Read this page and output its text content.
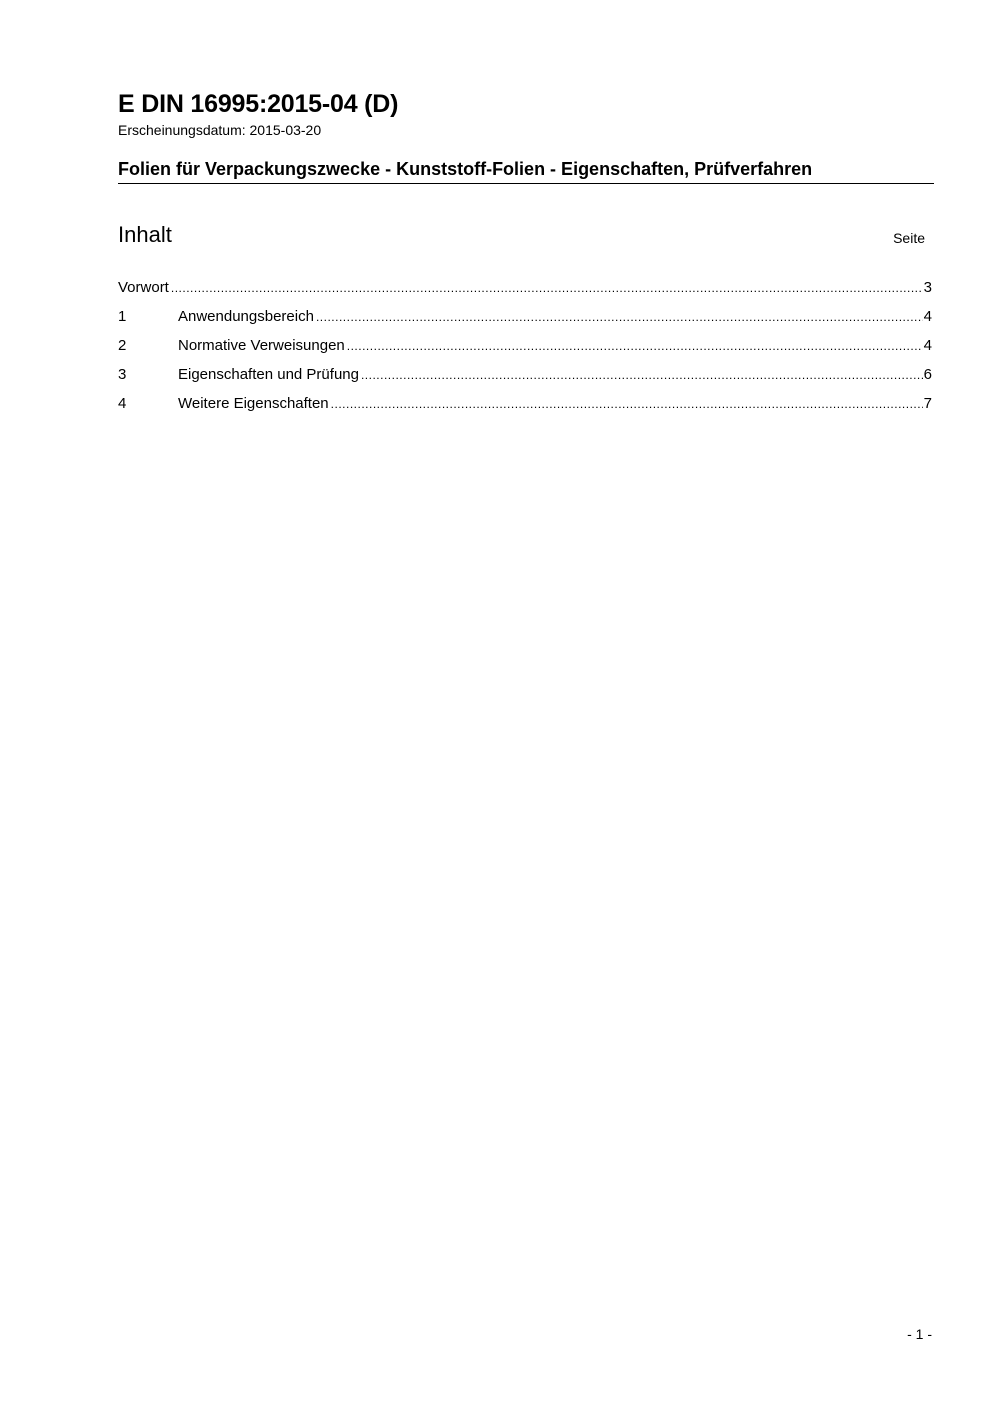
E DIN 16995:2015-04 (D)
Erscheinungsdatum: 2015-03-20
Folien für Verpackungszwecke - Kunststoff-Folien - Eigenschaften, Prüfverfahren
Inhalt	Seite
Vorwort .....	3
1	Anwendungsbereich .....	4
2	Normative Verweisungen .....	4
3	Eigenschaften und Prüfung .....	6
4	Weitere Eigenschaften .....	7
- 1 -
